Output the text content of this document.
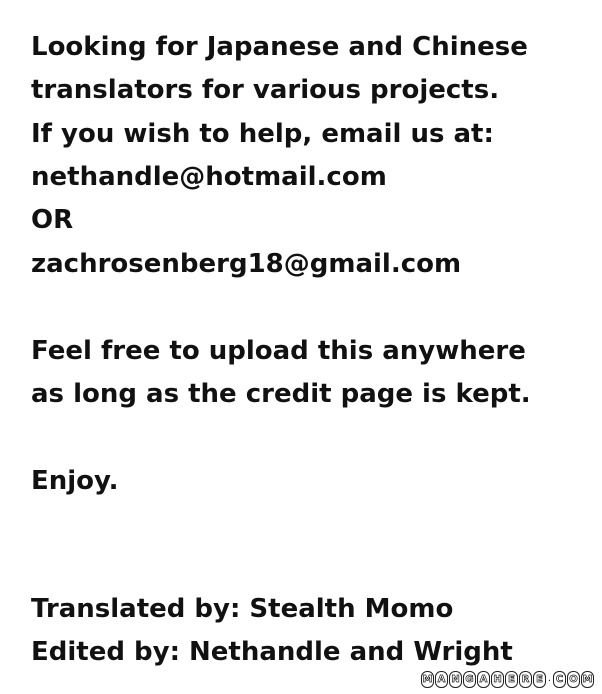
Looking for Japanese and Chinese
translators for various projects.
If you wish to help, email us at:
nethandle@hotmail.com
OR
zachrosenberg18@gmail.com
Feel free to upload this anywhere
as long as the credit page is kept.
Enjoy.
Translated by: Stealth Momo
Edited by: Nethandle and Wright
M A N G A H E R E . C O M
